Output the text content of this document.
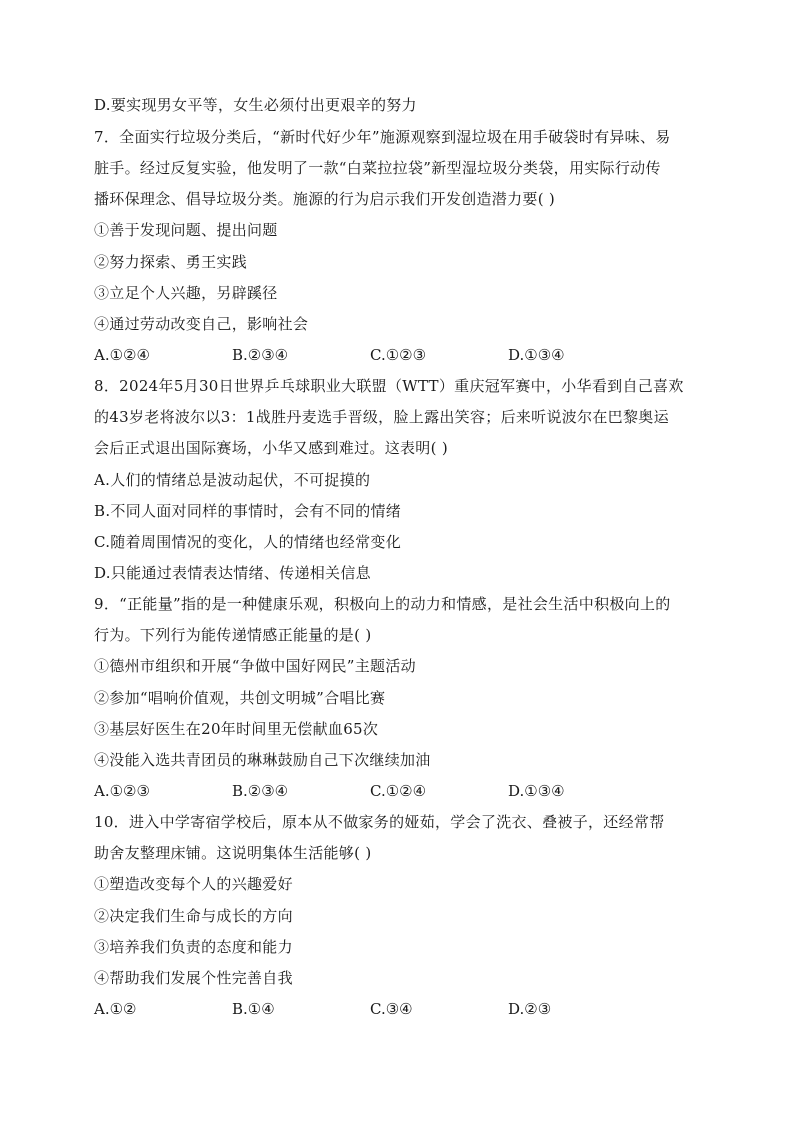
D.要实现男女平等，女生必须付出更艰辛的努力
7．全面实行垃圾分类后，“新时代好少年”施源观察到湿垃圾在用手破袋时有异味、易
脏手。经过反复实验，他发明了一款“白菜拉拉袋”新型湿垃圾分类袋，用实际行动传
播环保理念、倡导垃圾分类。施源的行为启示我们开发创造潜力要( )
①善于发现问题、提出问题
②努力探索、勇王实践
③立足个人兴趣，另辟蹊径
④通过劳动改变自己，影响社会
A.①②④	B.②③④	C.①②③	D.①③④
8．2024年5月30日世界乒乓球职业大联盟（WTT）重庆冠军赛中，小华看到自己喜欢
的43岁老将波尔以3：1战胜丹麦选手晋级，脸上露出笑容；后来听说波尔在巴黎奥运
会后正式退出国际赛场，小华又感到难过。这表明( )
A.人们的情绪总是波动起伏，不可捉摸的
B.不同人面对同样的事情时，会有不同的情绪
C.随着周围情况的变化，人的情绪也经常变化
D.只能通过表情表达情绪、传递相关信息
9．“正能量”指的是一种健康乐观，积极向上的动力和情感，是社会生活中积极向上的
行为。下列行为能传递情感正能量的是( )
①德州市组织和开展“争做中国好网民”主题活动
②参加“唱响价值观，共创文明城”合唱比赛
③基层好医生在20年时间里无偿献血65次
④没能入选共青团员的琳琳鼓励自己下次继续加油
A.①②③	B.②③④	C.①②④	D.①③④
10．进入中学寄宿学校后，原本从不做家务的娅茹，学会了洗衣、叠被子，还经常帮
助舍友整理床铺。这说明集体生活能够( )
①塑造改变每个人的兴趣爱好
②决定我们生命与成长的方向
③培养我们负责的态度和能力
④帮助我们发展个性完善自我
A.①②	B.①④	C.③④	D.②③
